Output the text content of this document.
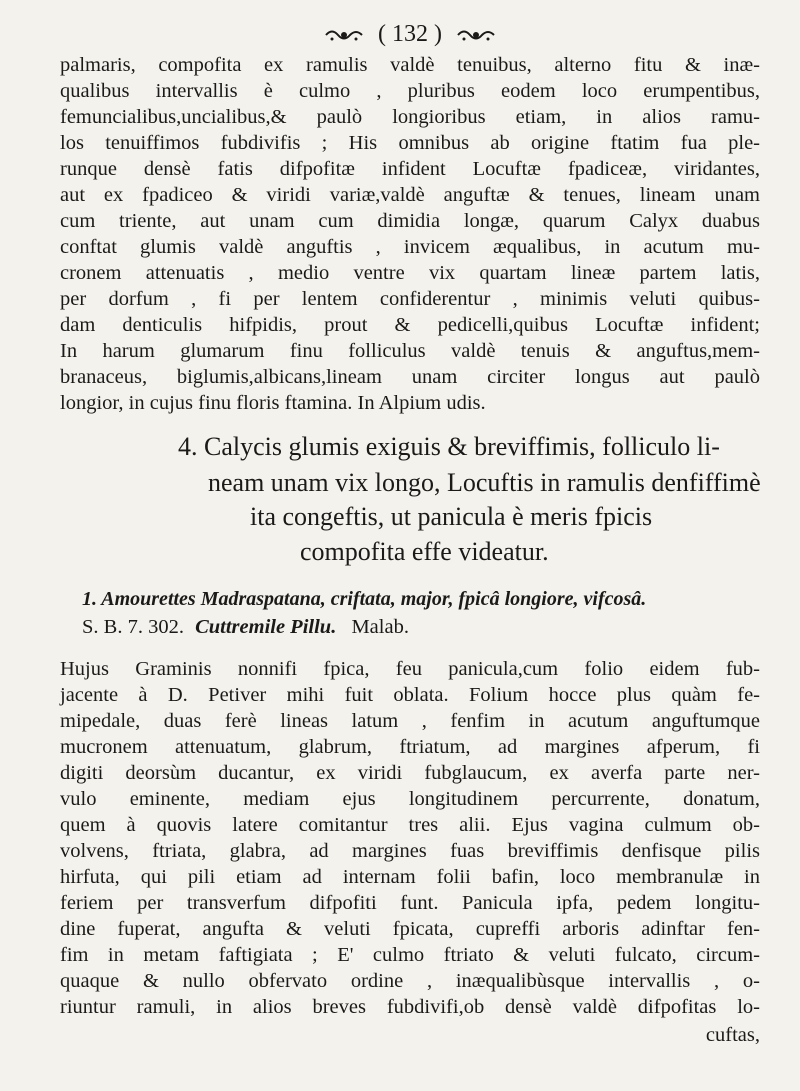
( 132 )
palmaris, compofita ex ramulis valdè tenuibus, alterno fitu & inæ-
qualibus intervallis è culmo , pluribus eodem loco erumpentibus,
femuncialibus,uncialibus,& paulò longioribus etiam, in alios ramu-
los tenuiffimos fubdivifis ; His omnibus ab origine ftatim fua ple-
runque densè fatis difpofitæ infident Locuftæ fpadiceæ, viridantes,
aut ex fpadiceo & viridi variæ,valdè anguftæ & tenues, lineam unam
cum triente, aut unam cum dimidia longæ, quarum Calyx duabus
conftat glumis valdè anguftis , invicem æqualibus, in acutum mu-
cronem attenuatis , medio ventre vix quartam lineæ partem latis,
per dorfum , fi per lentem confiderentur , minimis veluti quibus-
dam denticulis hifpidis, prout & pedicelli,quibus Locuftæ infident;
In harum glumarum finu folliculus valdè tenuis & anguftus,mem-
branaceus, biglumis,albicans,lineam unam circiter longus aut paulò
longior, in cujus finu floris ftamina. In Alpium udis.
4. Calycis glumis exiguis & breviffimis, folliculo li-
neam unam vix longo, Locuftis in ramulis denfiffimè
ita congeftis, ut panicula è meris fpicis
compofita effe videatur.
1. Amourettes Madraspatana, criftata, major, fpicâ longiore, vifcosâ.
S. B. 7. 302. Cuttremile Pillu. Malab.
Hujus Graminis nonnifi fpica, feu panicula,cum folio eidem fub-
jacente à D. Petiver mihi fuit oblata. Folium hocce plus quàm fe-
mipedale, duas ferè lineas latum , fenfim in acutum anguftumque
mucronem attenuatum, glabrum, ftriatum, ad margines afperum, fi
digiti deorsùm ducantur, ex viridi fubglaucum, ex averfa parte ner-
vulo eminente, mediam ejus longitudinem percurrente, donatum,
quem à quovis latere comitantur tres alii. Ejus vagina culmum ob-
volvens, ftriata, glabra, ad margines fuas breviffimis denfisque pilis
hirfuta, qui pili etiam ad internam folii bafin, loco membranulæ in
feriem per transverfum difpofiti funt. Panicula ipfa, pedem longitu-
dine fuperat, angufta & veluti fpicata, cupreffi arboris adinftar fen-
fim in metam faftigiata ; E' culmo ftriato & veluti fulcato, circum-
quaque & nullo obfervato ordine , inæqualibùsque intervallis , o-
riuntur ramuli, in alios breves fubdivifi,ob densè valdè difpofitas lo-
cuftas,
